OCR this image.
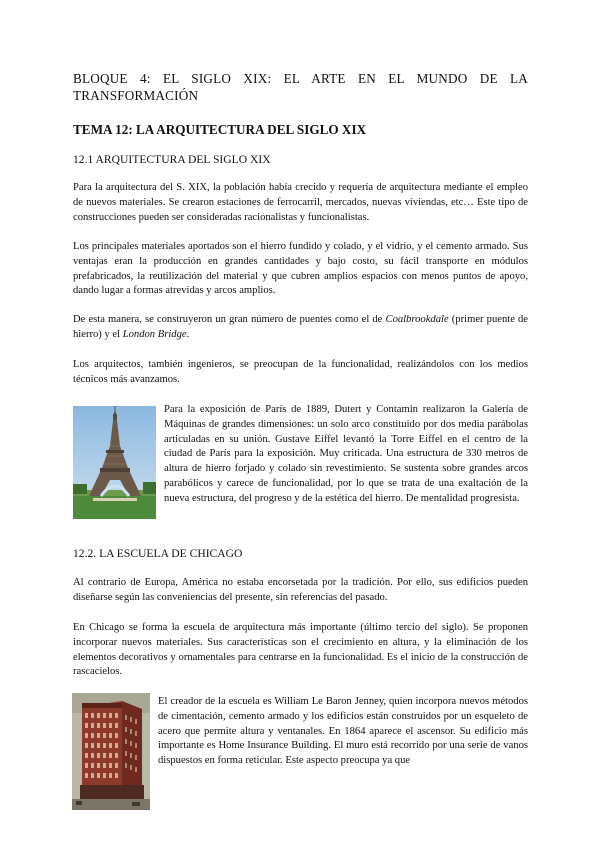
BLOQUE 4: EL SIGLO XIX: EL ARTE EN EL MUNDO DE LA TRANSFORMACIÓN

TEMA 12: LA ARQUITECTURA DEL SIGLO XIX

12.1 ARQUITECTURA DEL SIGLO XIX

Para la arquitectura del S. XIX, la población había crecido y requería de arquitectura mediante el empleo de nuevos materiales. Se crearon estaciones de ferrocarril, mercados, nuevas viviendas, etc… Este tipo de construcciones pueden ser consideradas racionalistas y funcionalistas.

Los principales materiales aportados son el hierro fundido y colado, y el vidrio, y el cemento armado. Sus ventajas eran la producción en grandes cantidades y bajo costo, su fácil transporte en módulos prefabricados, la reutilización del material y que cubren amplios espacios con menos puntos de apoyo, dando lugar a formas atrevidas y arcos amplios.

De esta manera, se construyeron un gran número de puentes como el de Coalbrookdale (primer puente de hierro) y el London Bridge.

Los arquitectos, también ingenieros, se preocupan de la funcionalidad, realizándolos con los medios técnicos más avanzamos.

Para la exposición de París de 1889, Dutert y Contamin realizaron la Galería de Máquinas de grandes dimensiones: un solo arco constituido por dos media parábolas articuladas en su unión. Gustave Eiffel levantó la Torre Eiffel en el centro de la ciudad de París para la exposición. Muy criticada. Una estructura de 330 metros de altura de hierro forjado y colado sin revestimiento. Se sustenta sobre grandes arcos parabólicos y carece de funcionalidad, por lo que se trata de una exaltación de la nueva estructura, del progreso y de la estética del hierro. De mentalidad progresista.

12.2. LA ESCUELA DE CHICAGO

Al contrario de Europa, América no estaba encorsetada por la tradición. Por ello, sus edificios pueden diseñarse según las conveniencias del presente, sin referencias del pasado.

En Chicago se forma la escuela de arquitectura más importante (último tercio del siglo). Se proponen incorporar nuevos materiales. Sus características son el crecimiento en altura, y la eliminación de los elementos decorativos y ornamentales para centrarse en la funcionalidad. Es el inicio de la construcción de rascacielos.

El creador de la escuela es William Le Baron Jenney, quien incorpora nuevos métodos de cimentación, cemento armado y los edificios están construidos por un esqueleto de acero que permite altura y ventanales. En 1864 aparece el ascensor. Su edificio más importante es Home Insurance Building. El muro está recorrido por una serie de vanos dispuestos en forma reticular. Este aspecto preocupa ya que
